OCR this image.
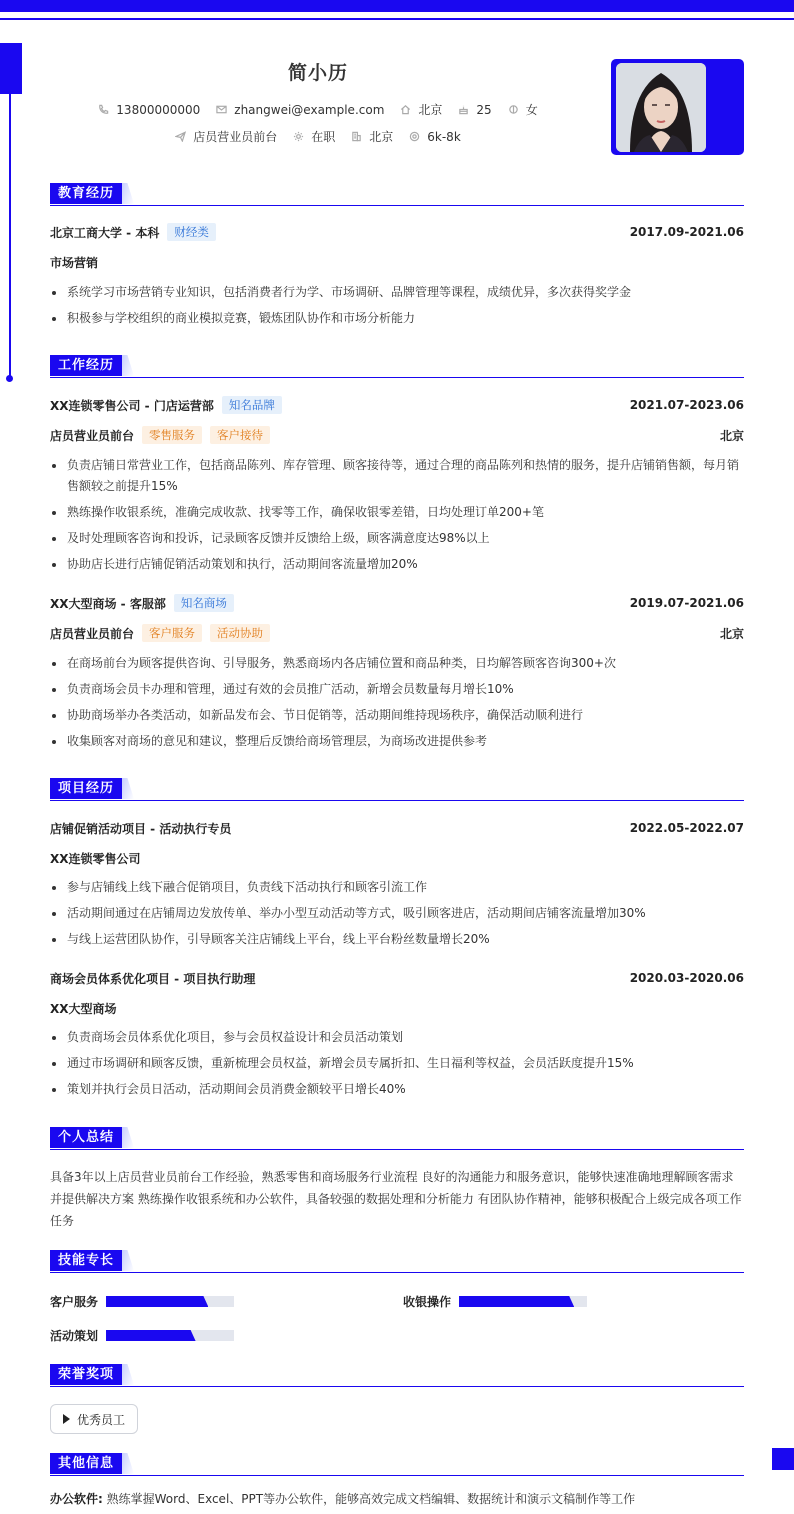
简小历
13800000000	zhangwei@example.com	北京	25	女
店员营业员前台	在职	北京	6k-8k
教育经历
北京工商大学 - 本科	财经类	2017.09-2021.06
市场营销
系统学习市场营销专业知识，包括消费者行为学、市场调研、品牌管理等课程，成绩优异，多次获得奖学金
积极参与学校组织的商业模拟竞赛，锻炼团队协作和市场分析能力
工作经历
XX连锁零售公司 - 门店运营部	知名品牌	2021.07-2023.06
店员营业员前台	零售服务	客户接待	北京
负责店铺日常营业工作，包括商品陈列、库存管理、顾客接待等，通过合理的商品陈列和热情的服务，提升店铺销售额，每月销售额较之前提升15%
熟练操作收银系统，准确完成收款、找零等工作，确保收银零差错，日均处理订单200+笔
及时处理顾客咨询和投诉，记录顾客反馈并反馈给上级，顾客满意度达98%以上
协助店长进行店铺促销活动策划和执行，活动期间客流量增加20%
XX大型商场 - 客服部	知名商场	2019.07-2021.06
店员营业员前台	客户服务	活动协助	北京
在商场前台为顾客提供咨询、引导服务，熟悉商场内各店铺位置和商品种类，日均解答顾客咨询300+次
负责商场会员卡办理和管理，通过有效的会员推广活动，新增会员数量每月增长10%
协助商场举办各类活动，如新品发布会、节日促销等，活动期间维持现场秩序，确保活动顺利进行
收集顾客对商场的意见和建议，整理后反馈给商场管理层，为商场改进提供参考
项目经历
店铺促销活动项目 - 活动执行专员	2022.05-2022.07
XX连锁零售公司
参与店铺线上线下融合促销项目，负责线下活动执行和顾客引流工作
活动期间通过在店铺周边发放传单、举办小型互动活动等方式，吸引顾客进店，活动期间店铺客流量增加30%
与线上运营团队协作，引导顾客关注店铺线上平台，线上平台粉丝数量增长20%
商场会员体系优化项目 - 项目执行助理	2020.03-2020.06
XX大型商场
负责商场会员体系优化项目，参与会员权益设计和会员活动策划
通过市场调研和顾客反馈，重新梳理会员权益，新增会员专属折扣、生日福利等权益，会员活跃度提升15%
策划并执行会员日活动，活动期间会员消费金额较平日增长40%
个人总结
具备3年以上店员营业员前台工作经验，熟悉零售和商场服务行业流程 良好的沟通能力和服务意识，能够快速准确地理解顾客需求并提供解决方案 熟练操作收银系统和办公软件，具备较强的数据处理和分析能力 有团队协作精神，能够积极配合上级完成各项工作任务
技能专长
客户服务	收银操作
活动策划
荣誉奖项
优秀员工
其他信息
办公软件: 熟练掌握Word、Excel、PPT等办公软件，能够高效完成文档编辑、数据统计和演示文稿制作等工作
